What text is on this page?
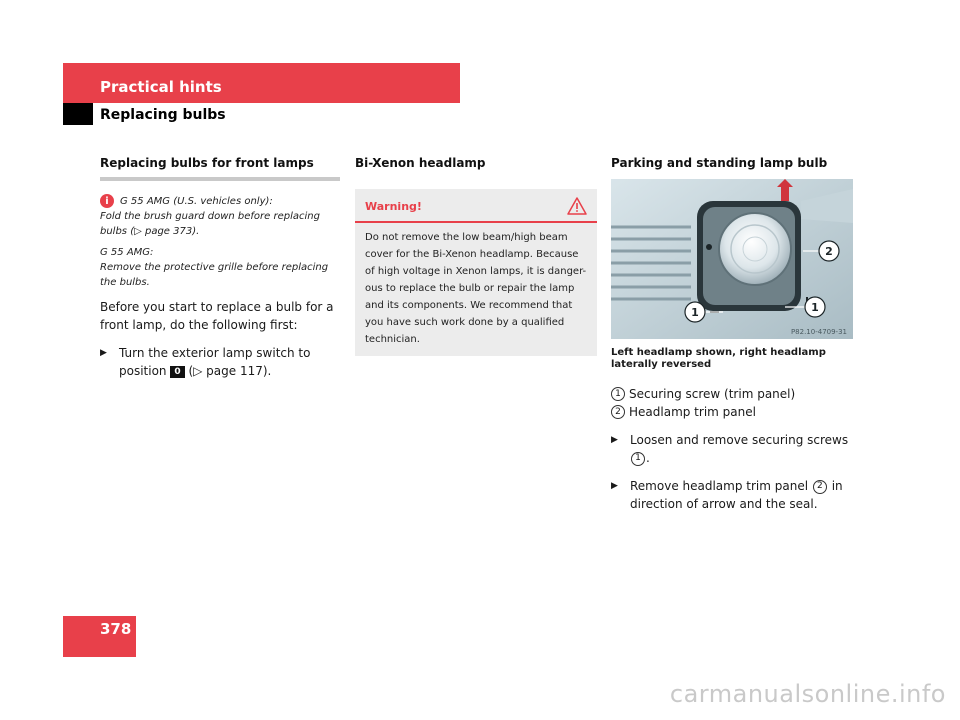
Practical hints
Replacing bulbs

Replacing bulbs for front lamps

i	G 55 AMG (U.S. vehicles only):

Fold the brush guard down before replacing

bulbs (▷ page 373).

G 55 AMG:

Remove the protective grille before replacing the bulbs.

Before you start to replace a bulb for a front lamp, do the following first:

▶	Turn the exterior lamp switch to position 0 (▷ page 117).

Bi-Xenon headlamp

Warning!
Do not remove the low beam/high beam cover for the Bi-Xenon headlamp. Because of high voltage in Xenon lamps, it is danger-ous to replace the bulb or repair the lamp and its components. We recommend that you have such work done by a qualified technician.

Parking and standing lamp bulb

1	1
2
P82.10-4709-31
Left headlamp shown, right headlamp laterally reversed
1 Securing screw (trim panel)
2 Headlamp trim panel
▶	Loosen and remove securing screws 1 .
▶	Remove headlamp trim panel 2 in direction of arrow and the seal.
378
carmanualsonline.info
